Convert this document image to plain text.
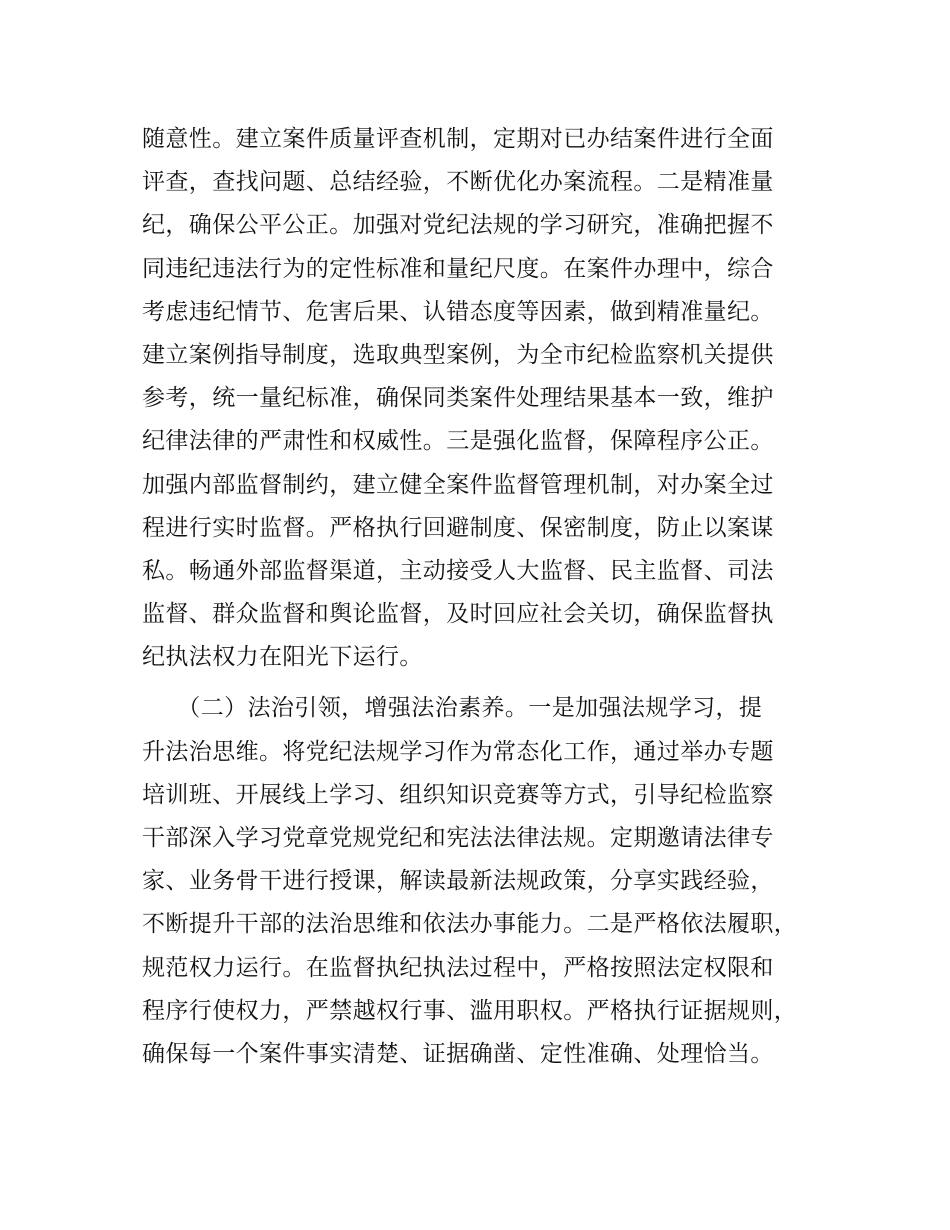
随意性。建立案件质量评查机制，定期对已办结案件进行全面
评查，查找问题、总结经验，不断优化办案流程。二是精准量
纪，确保公平公正。加强对党纪法规的学习研究，准确把握不
同违纪违法行为的定性标准和量纪尺度。在案件办理中，综合
考虑违纪情节、危害后果、认错态度等因素，做到精准量纪。
建立案例指导制度，选取典型案例，为全市纪检监察机关提供
参考，统一量纪标准，确保同类案件处理结果基本一致，维护
纪律法律的严肃性和权威性。三是强化监督，保障程序公正。
加强内部监督制约，建立健全案件监督管理机制，对办案全过
程进行实时监督。严格执行回避制度、保密制度，防止以案谋
私。畅通外部监督渠道，主动接受人大监督、民主监督、司法
监督、群众监督和舆论监督，及时回应社会关切，确保监督执
纪执法权力在阳光下运行。
　　（二）法治引领，增强法治素养。一是加强法规学习，提
升法治思维。将党纪法规学习作为常态化工作，通过举办专题
培训班、开展线上学习、组织知识竞赛等方式，引导纪检监察
干部深入学习党章党规党纪和宪法法律法规。定期邀请法律专
家、业务骨干进行授课，解读最新法规政策，分享实践经验，
不断提升干部的法治思维和依法办事能力。二是严格依法履职，
规范权力运行。在监督执纪执法过程中，严格按照法定权限和
程序行使权力，严禁越权行事、滥用职权。严格执行证据规则，
确保每一个案件事实清楚、证据确凿、定性准确、处理恰当。
